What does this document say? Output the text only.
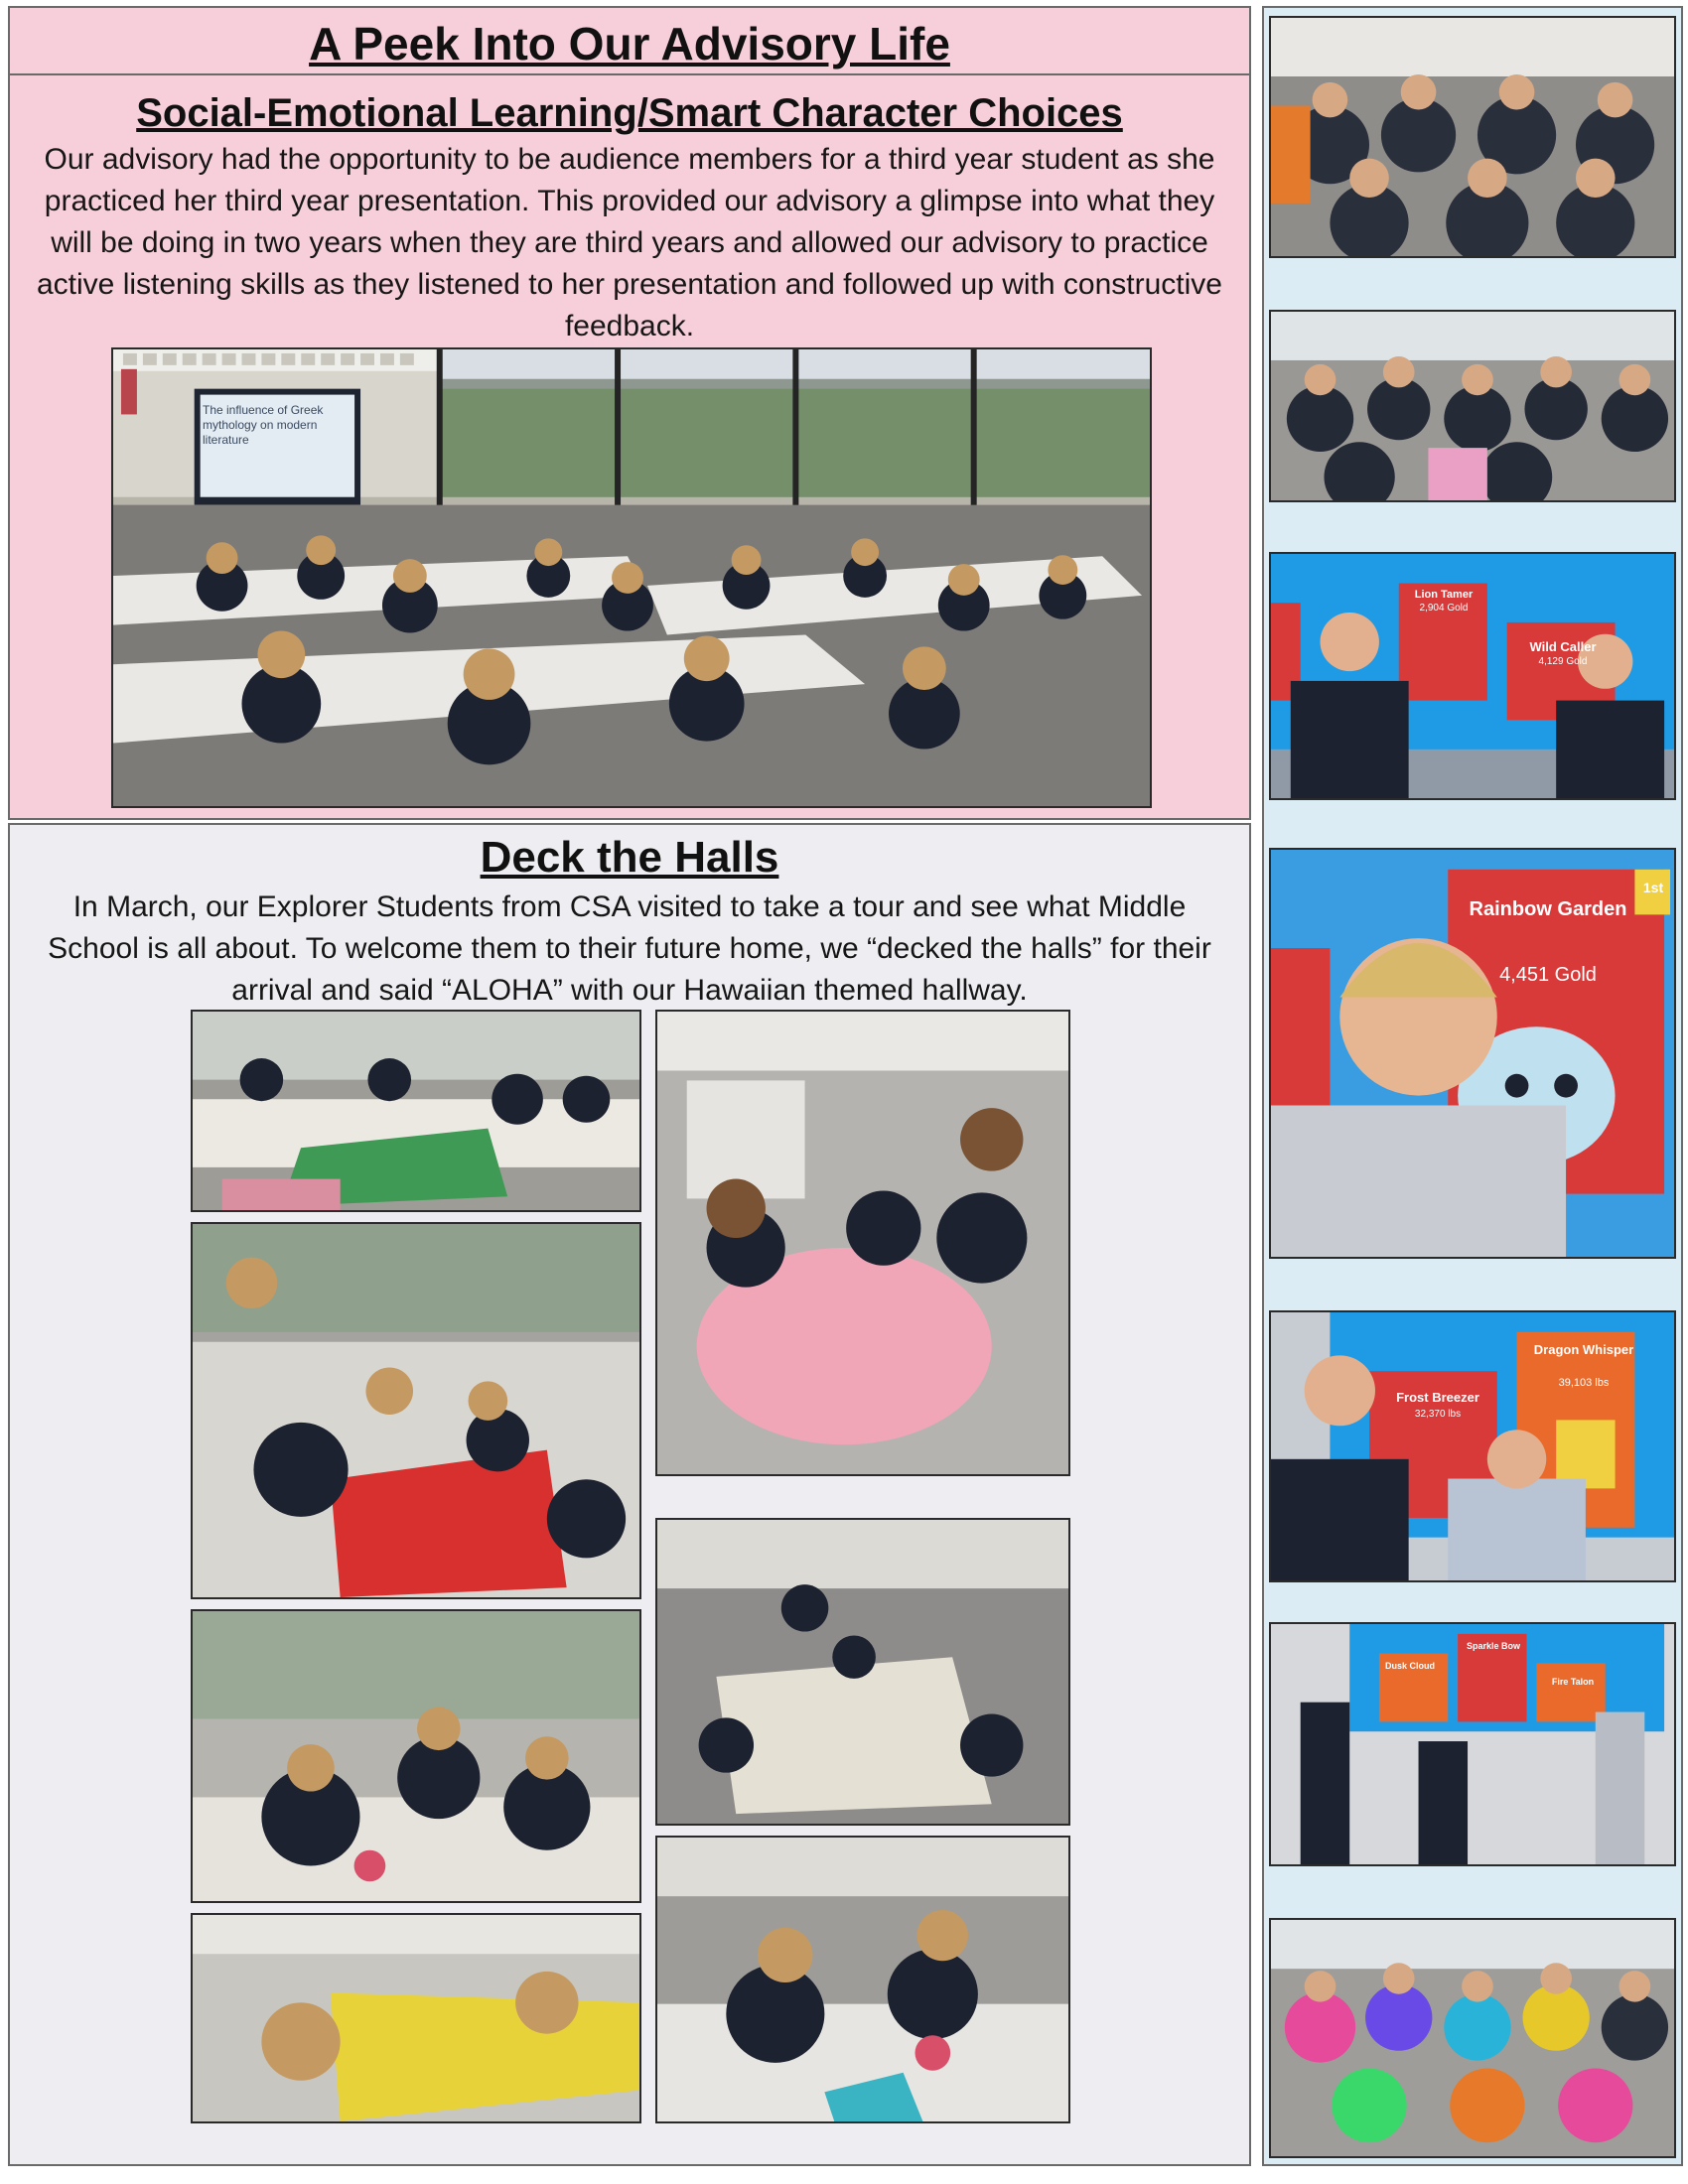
A Peek Into Our Advisory Life
Social-Emotional Learning/Smart Character Choices
Our advisory had the opportunity to be audience members for a third year student as she practiced her third year presentation. This provided our advisory a glimpse into what they will be doing in two years when they are third years and allowed our advisory to practice active listening skills as they listened to her presentation and followed up with constructive feedback.
The influence of Greek mythology on modern literature
Deck the Halls
In March, our Explorer Students from CSA visited to take a tour and see what Middle School is all about. To welcome them to their future home, we “decked the halls” for their arrival and said “ALOHA” with our Hawaiian themed hallway.
Lion Tamer
2,904 Gold
Wild Caller
4,129 Gold
Rainbow Garden
4,451 Gold
1st
Frost Breezer
32,370 lbs
Dragon Whisper
39,103 lbs
Dusk Cloud
Sparkle Bow
Fire Talon
